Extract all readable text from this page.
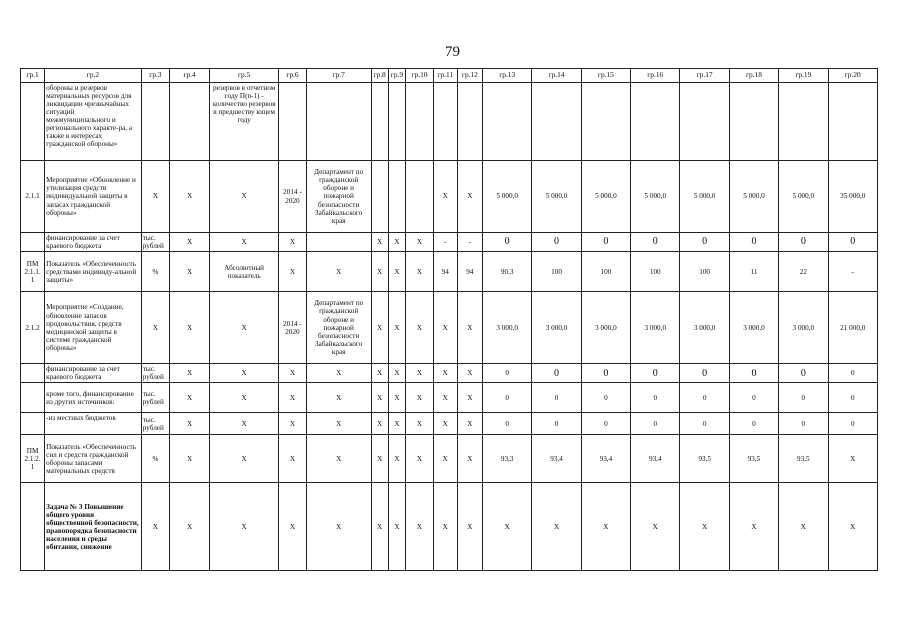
79
гр.1	гр.2	гр.3	гр.4	гр.5	гр.6	гр.7	гр.8	гр.9	гр.10	гр.11	гр.12	гр.13	гр.14	гр.15	гр.16	гр.17	гр.18	гр.19	гр.20
	обороны и резервов материальных ресурсов для ликвидации чрезвычайных ситуаций межмуниципального и регионального характе-ра, а также в интересах гражданской обороны»			резервов в отчетном году П(n-1) - количество резервов в предшеству ющем году															
2.1.1	Мероприятие «Обновление и утилизация средств индивидуальной защиты в запасах гражданской обороны»	X	X	X	2014 - 2020	Департамент по гражданской обороне и пожарной безопасности Забайкальского края				X	X	5 000,0	5 000,0	5 000,0	5 000,0	5 000,0	5 000,0	5 000,0	35 000,0
	финансирование за счет краевого бюджета	тыс. рублей	X	X	X		X	X	X	-	-	0	0	0	0	0	0	0	0
ПМ 2.1.1. 1	Показатель «Обеспеченность средствами индивиду-альной защиты»	%	X	Абсолютный показатель	X	X	X	X	X	94	94	90,3	100	100	100	100	11	22	-
2.1.2	Мероприятие «Создание, обновление запасов продовольствия, средств медицинской защиты в системе гражданской обороны»	X	X	X	2014 - 2020	Департамент по гражданской обороне и пожарной безопасности Забайкальского края	X	X	X	X	X	3 000,0	3 000,0	3 000,0	3 000,0	3 000,0	3 000,0	3 000,0	21 000,0
	финансирование за счет краевого бюджета	тыс. рублей	X	X	X	X	X	X	X	X	X	0	0	0	0	0	0	0	0
	кроме того, финансирование из других источников:	тыс. рублей	X	X	X	X	X	X	X	X	X	0	0	0	0	0	0	0	0
	-из местных бюджетов	тыс. рублей	X	X	X	X	X	X	X	X	X	0	0	0	0	0	0	0	0
ПМ 2.1.2. 1	Показатель «Обеспеченность сил и средств гражданской обороны запасами материальных средств	%	X	X	X	X	X	X	X	X	X	93,3	93,4	93,4	93,4	93,5	93,5	93,5	X
	Задача № 3 Повышение общего уровня общественной безопасности, правопорядка безопасности населения и среды обитания, снижение	X	X	X	X	X	X	X	X	X	X	X	X	X	X	X	X	X	X
